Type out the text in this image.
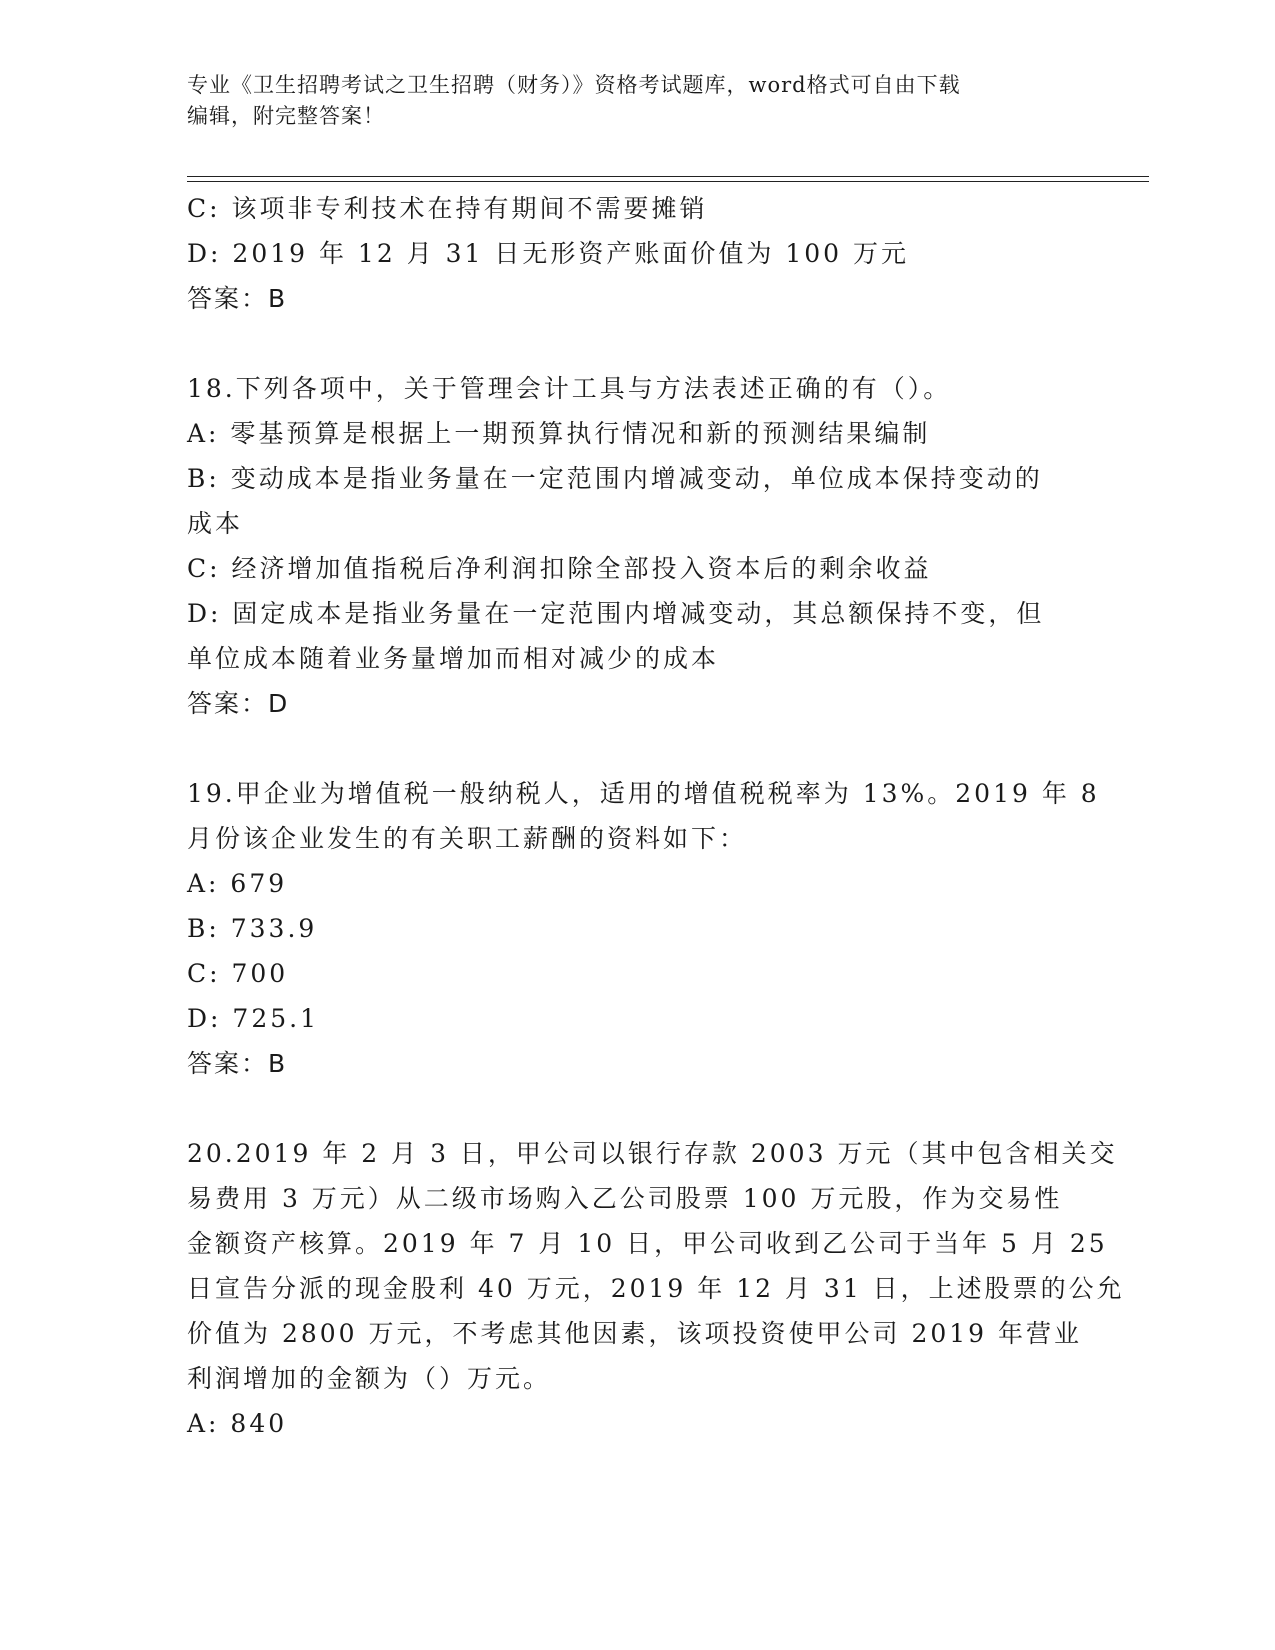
专业《卫生招聘考试之卫生招聘（财务）》资格考试题库，word格式可自由下载
编辑，附完整答案！

C: 该项非专利技术在持有期间不需要摊销

D: 2019 年 12 月 31 日无形资产账面价值为 100 万元

答案：B

18.下列各项中，关于管理会计工具与方法表述正确的有（）。

A: 零基预算是根据上一期预算执行情况和新的预测结果编制

B: 变动成本是指业务量在一定范围内增减变动，单位成本保持变动的

成本

C: 经济增加值指税后净利润扣除全部投入资本后的剩余收益

D: 固定成本是指业务量在一定范围内增减变动，其总额保持不变，但

单位成本随着业务量增加而相对减少的成本

答案：D

19.甲企业为增值税一般纳税人，适用的增值税税率为 13%。2019 年 8

月份该企业发生的有关职工薪酬的资料如下：

A: 679

B: 733.9

C: 700

D: 725.1

答案：B

20.2019 年 2 月 3 日，甲公司以银行存款 2003 万元（其中包含相关交

易费用 3 万元）从二级市场购入乙公司股票 100 万元股，作为交易性

金额资产核算。2019 年 7 月 10 日，甲公司收到乙公司于当年 5 月 25

日宣告分派的现金股利 40 万元，2019 年 12 月 31 日，上述股票的公允

价值为 2800 万元，不考虑其他因素，该项投资使甲公司 2019 年营业

利润增加的金额为（）万元。

A: 840
